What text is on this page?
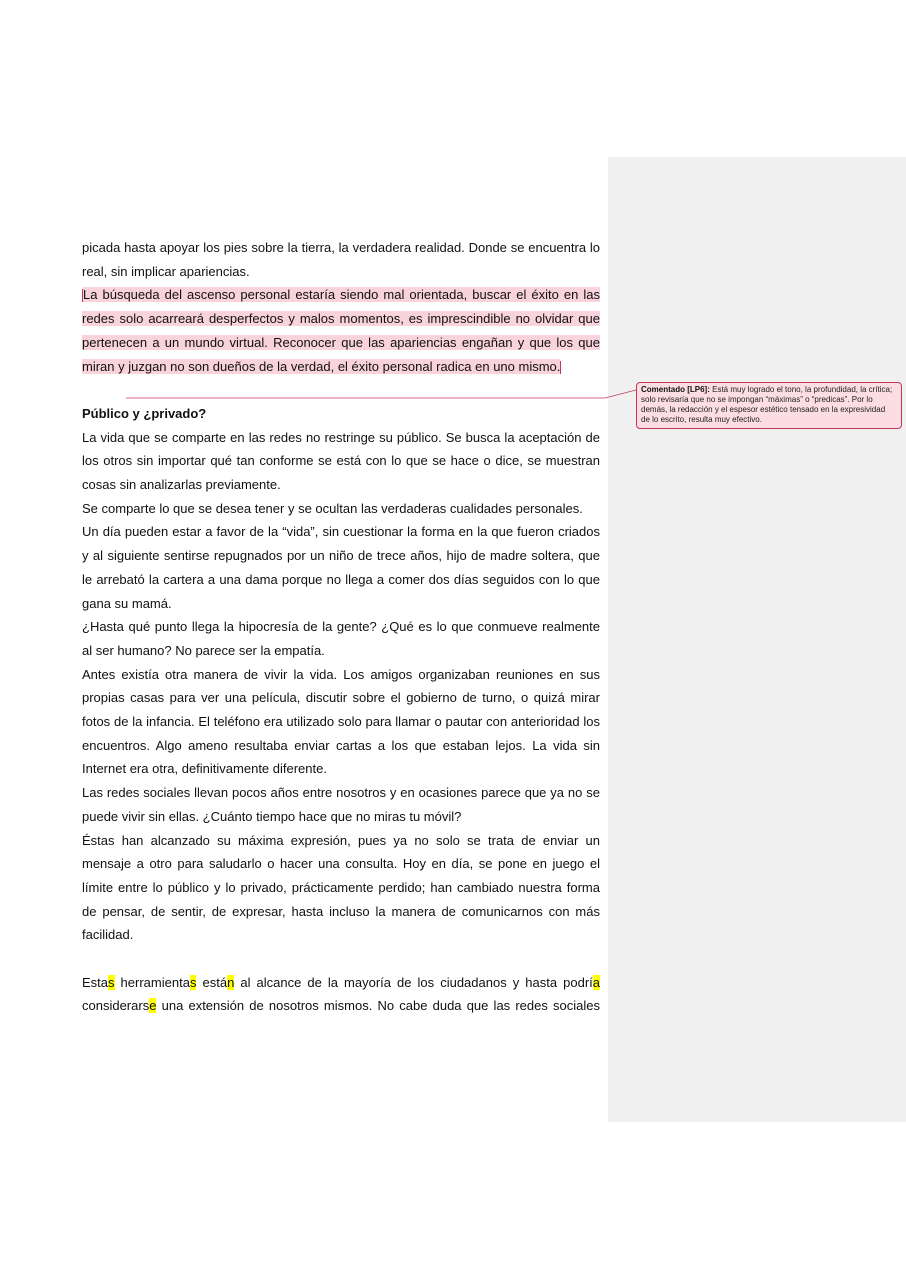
picada hasta apoyar los pies sobre la tierra, la verdadera realidad. Donde se encuentra lo real, sin implicar apariencias.

La búsqueda del ascenso personal estaría siendo mal orientada, buscar el éxito en las redes solo acarreará desperfectos y malos momentos, es imprescindible no olvidar que pertenecen a un mundo virtual. Reconocer que las apariencias engañan y que los que miran y juzgan no son dueños de la verdad, el éxito personal radica en uno mismo.

Público y ¿privado?

La vida que se comparte en las redes no restringe su público. Se busca la aceptación de los otros sin importar qué tan conforme se está con lo que se hace o dice, se muestran cosas sin analizarlas previamente.

Se comparte lo que se desea tener y se ocultan las verdaderas cualidades personales.

Un día pueden estar a favor de la “vida”, sin cuestionar la forma en la que fueron criados y al siguiente sentirse repugnados por un niño de trece años, hijo de madre soltera, que le arrebató la cartera a una dama porque no llega a comer dos días seguidos con lo que gana su mamá.

¿Hasta qué punto llega la hipocresía de la gente? ¿Qué es lo que conmueve realmente al ser humano? No parece ser la empatía.

Antes existía otra manera de vivir la vida. Los amigos organizaban reuniones en sus propias casas para ver una película, discutir sobre el gobierno de turno, o quizá mirar fotos de la infancia. El teléfono era utilizado solo para llamar o pautar con anterioridad los encuentros. Algo ameno resultaba enviar cartas a los que estaban lejos. La vida sin Internet era otra, definitivamente diferente.

Las redes sociales llevan pocos años entre nosotros y en ocasiones parece que ya no se puede vivir sin ellas. ¿Cuánto tiempo hace que no miras tu móvil?

Éstas han alcanzado su máxima expresión, pues ya no solo se trata de enviar un mensaje a otro para saludarlo o hacer una consulta. Hoy en día, se pone en juego el límite entre lo público y lo privado, prácticamente perdido; han cambiado nuestra forma de pensar, de sentir, de expresar, hasta incluso la manera de comunicarnos con más facilidad.

Estas herramientas están al alcance de la mayoría de los ciudadanos y hasta podría considerarse una extensión de nosotros mismos. No cabe duda que las redes sociales

Comentado [LP6]: Está muy logrado el tono, la profundidad, la crítica; solo revisaría que no se impongan “máximas” o “predicas”. Por lo demás, la redacción y el espesor estético tensado en la expresividad de lo escrito, resulta muy efectivo.
